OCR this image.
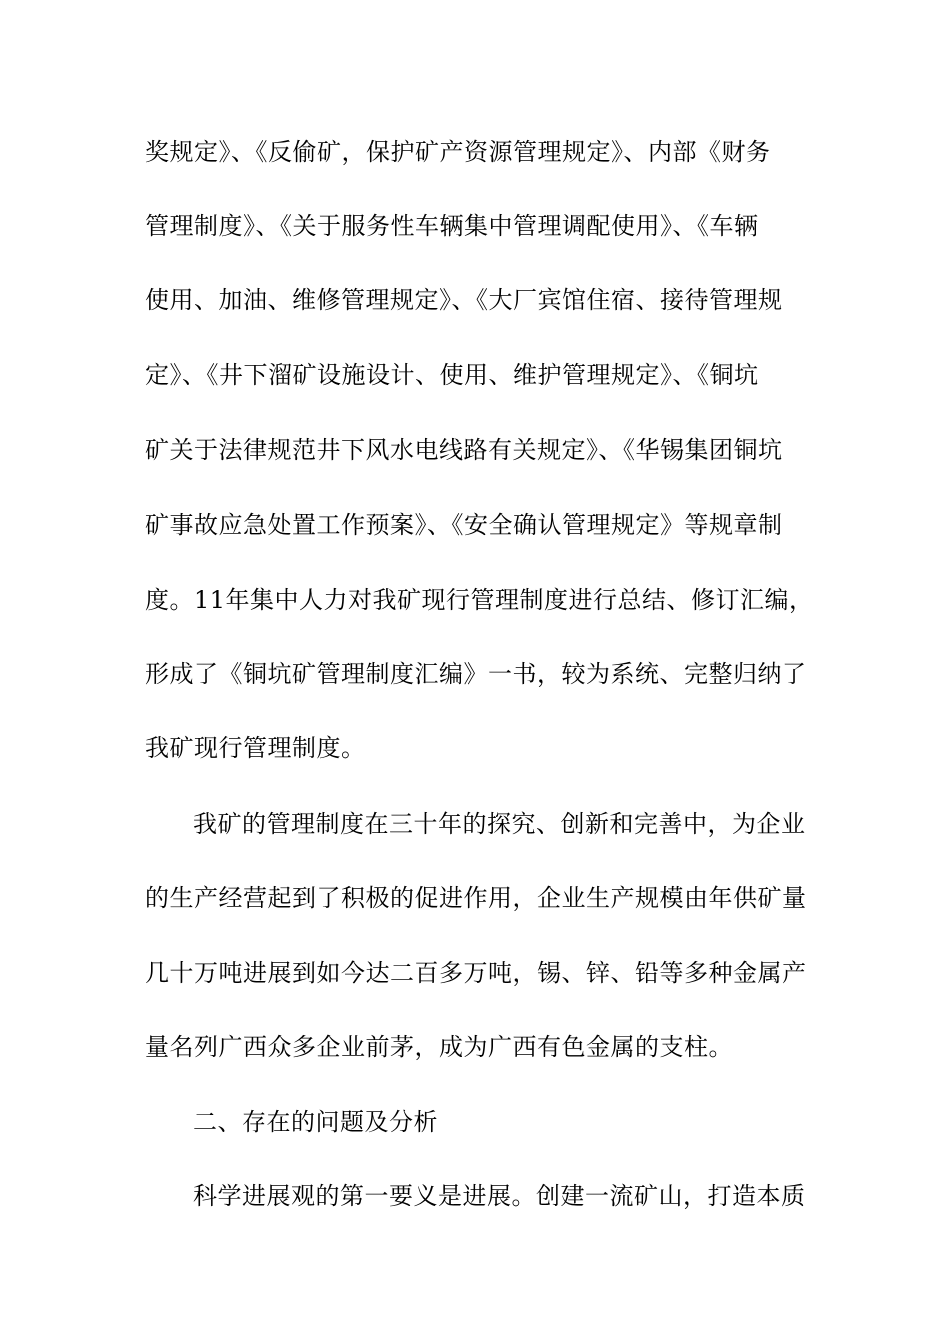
奖规定》、《反偷矿，保护矿产资源管理规定》、内部《财务
管理制度》、《关于服务性车辆集中管理调配使用》、《车辆
使用、加油、维修管理规定》、《大厂宾馆住宿、接待管理规
定》、《井下溜矿设施设计、使用、维护管理规定》、《铜坑
矿关于法律规范井下风水电线路有关规定》、《华锡集团铜坑
矿事故应急处置工作预案》、《安全确认管理规定》等规章制
度。11年集中人力对我矿现行管理制度进行总结、修订汇编，
形成了《铜坑矿管理制度汇编》一书，较为系统、完整归纳了
我矿现行管理制度。
我矿的管理制度在三十年的探究、创新和完善中，为企业
的生产经营起到了积极的促进作用，企业生产规模由年供矿量
几十万吨进展到如今达二百多万吨，锡、锌、铅等多种金属产
量名列广西众多企业前茅，成为广西有色金属的支柱。
二、存在的问题及分析
科学进展观的第一要义是进展。创建一流矿山，打造本质
